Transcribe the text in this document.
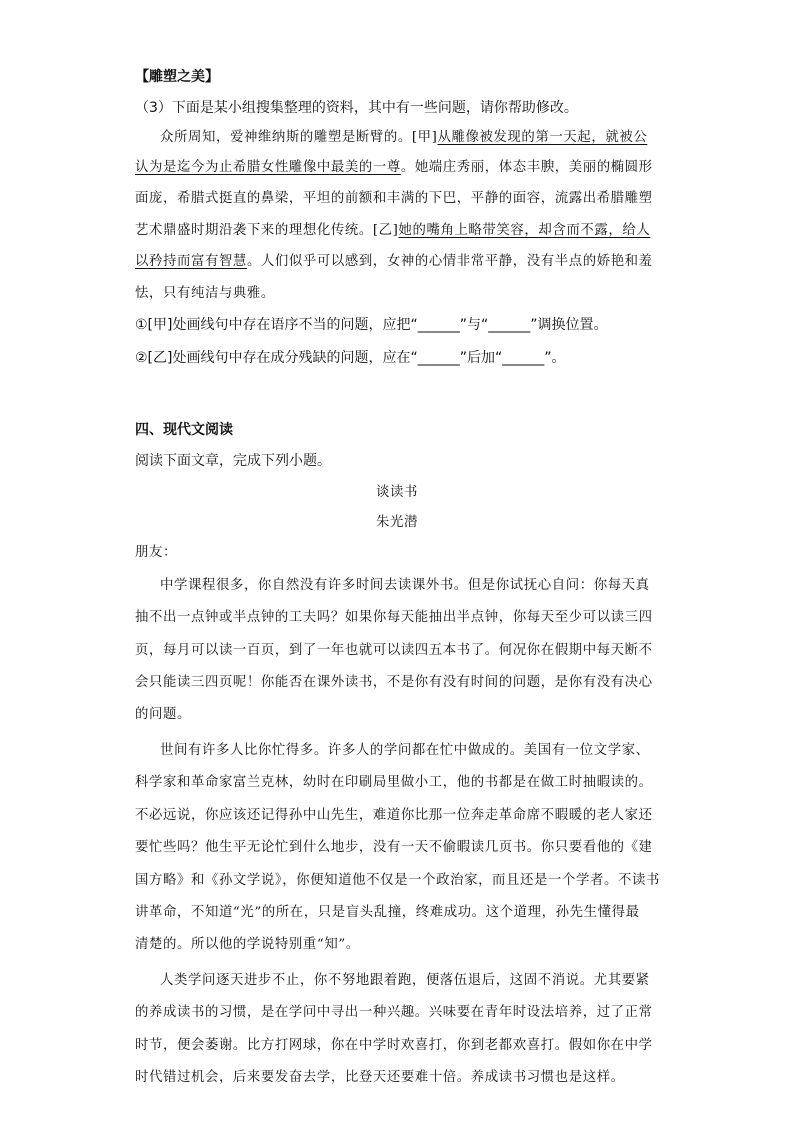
【雕塑之美】
（3）下面是某小组搜集整理的资料，其中有一些问题，请你帮助修改。
众所周知，爱神维纳斯的雕塑是断臂的。[甲]从雕像被发现的第一天起，就被公
认为是迄今为止希腊女性雕像中最美的一尊。她端庄秀丽，体态丰腴，美丽的椭圆形
面庞，希腊式挺直的鼻梁，平坦的前额和丰满的下巴，平静的面容，流露出希腊雕塑
艺术鼎盛时期沿袭下来的理想化传统。[乙]她的嘴角上略带笑容，却含而不露，给人
以矜持而富有智慧。人们似乎可以感到，女神的心情非常平静，没有半点的娇艳和羞
怯，只有纯洁与典雅。
①[甲]处画线句中存在语序不当的问题，应把“______”与“______”调换位置。
②[乙]处画线句中存在成分残缺的问题，应在“______”后加“______”。
四、现代文阅读
阅读下面文章，完成下列小题。
谈读书
朱光潜
朋友：
中学课程很多，你自然没有许多时间去读课外书。但是你试抚心自问：你每天真
抽不出一点钟或半点钟的工夫吗？如果你每天能抽出半点钟，你每天至少可以读三四
页，每月可以读一百页，到了一年也就可以读四五本书了。何况你在假期中每天断不
会只能读三四页呢！你能否在课外读书，不是你有没有时间的问题，是你有没有决心
的问题。
世间有许多人比你忙得多。许多人的学问都在忙中做成的。美国有一位文学家、
科学家和革命家富兰克林，幼时在印刷局里做小工，他的书都是在做工时抽暇读的。
不必远说，你应该还记得孙中山先生，难道你比那一位奔走革命席不暇暖的老人家还
要忙些吗？他生平无论忙到什么地步，没有一天不偷暇读几页书。你只要看他的《建
国方略》和《孙文学说》，你便知道他不仅是一个政治家，而且还是一个学者。不读书
讲革命，不知道“光”的所在，只是盲头乱撞，终难成功。这个道理，孙先生懂得最
清楚的。所以他的学说特别重“知”。
人类学问逐天进步不止，你不努地跟着跑，便落伍退后，这固不消说。尤其要紧
的养成读书的习惯，是在学问中寻出一种兴趣。兴味要在青年时设法培养，过了正常
时节，便会萎谢。比方打网球，你在中学时欢喜打，你到老都欢喜打。假如你在中学
时代错过机会，后来要发奋去学，比登天还要难十倍。养成读书习惯也是这样。
